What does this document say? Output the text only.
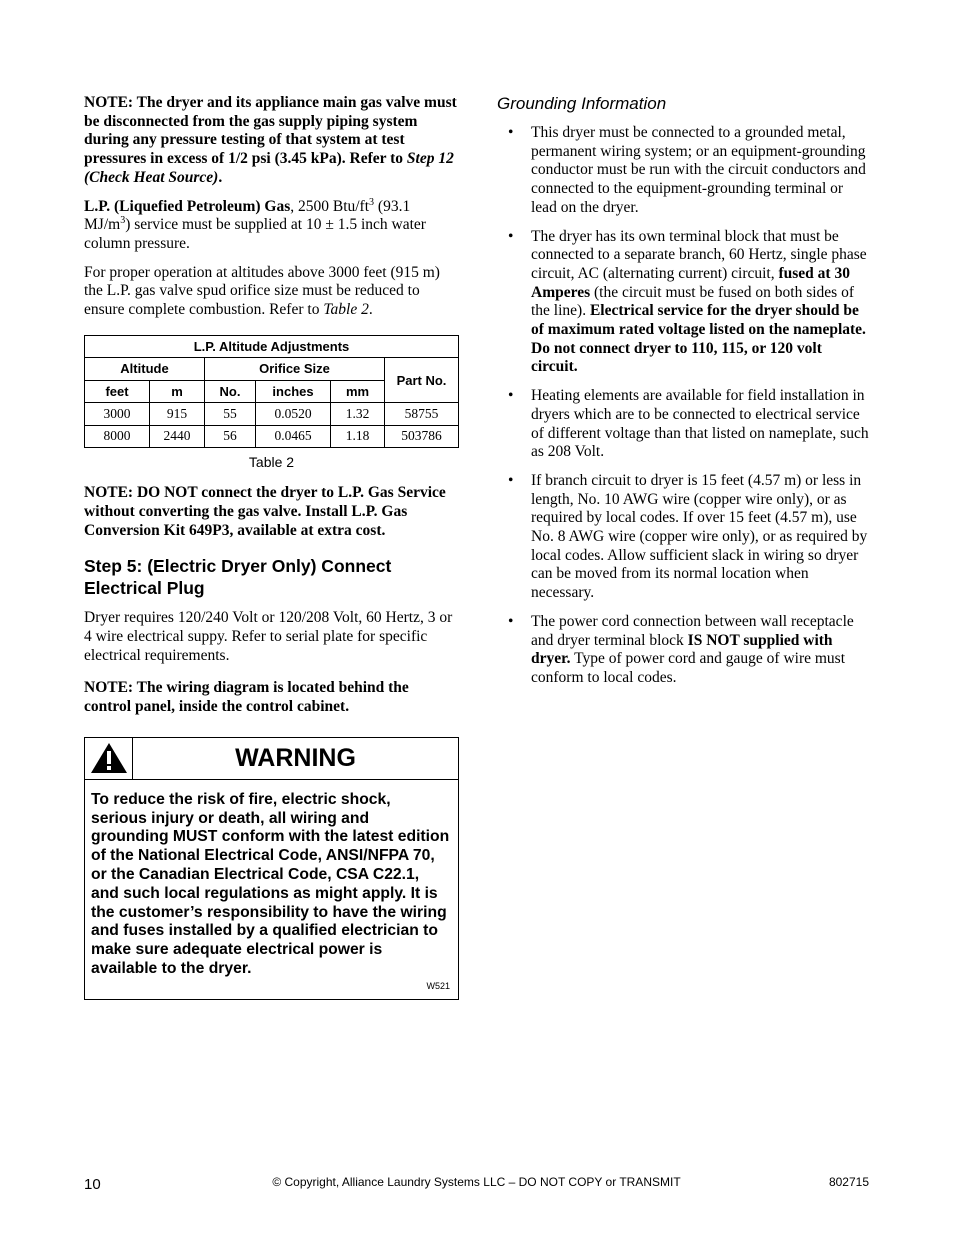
NOTE: The dryer and its appliance main gas valve must be disconnected from the gas supply piping system during any pressure testing of that system at test pressures in excess of 1/2 psi (3.45 kPa). Refer to Step 12 (Check Heat Source).

L.P. (Liquefied Petroleum) Gas, 2500 Btu/$ft^3$ (93.1 $MJ/m^3$) service must be supplied at 10 ± 1.5 inch water column pressure.

For proper operation at altitudes above 3000 feet (915 m) the L.P. gas valve spud orifice size must be reduced to ensure complete combustion. Refer to Table 2.

L.P. Altitude Adjustments					
Altitude		Orifice Size			Part No.
feet	m	No.	inches	mm	
3000	915	55	0.0520	1.32	58755
8000	2440	56	0.0465	1.18	503786
Table 2

NOTE: DO NOT connect the dryer to L.P. Gas Service without converting the gas valve. Install L.P. Gas Conversion Kit 649P3, available at extra cost.

Step 5: (Electric Dryer Only) Connect Electrical Plug

Dryer requires 120/240 Volt or 120/208 Volt, 60 Hertz, 3 or 4 wire electrical suppy. Refer to serial plate for specific electrical requirements.

NOTE: The wiring diagram is located behind the control panel, inside the control cabinet.

WARNING
To reduce the risk of fire, electric shock, serious injury or death, all wiring and grounding MUST conform with the latest edition of the National Electrical Code, ANSI/NFPA 70, or the Canadian Electrical Code, CSA C22.1, and such local regulations as might apply. It is the customer’s responsibility to have the wiring and fuses installed by a qualified electrician to make sure adequate electrical power is available to the dryer.
W521
Grounding Information
• This dryer must be connected to a grounded metal, permanent wiring system; or an equipment-grounding conductor must be run with the circuit conductors and connected to the equipment-grounding terminal or lead on the dryer.
• The dryer has its own terminal block that must be connected to a separate branch, 60 Hertz, single phase circuit, AC (alternating current) circuit, fused at 30 Amperes (the circuit must be fused on both sides of the line). Electrical service for the dryer should be of maximum rated voltage listed on the nameplate. Do not connect dryer to 110, 115, or 120 volt circuit.
• Heating elements are available for field installation in dryers which are to be connected to electrical service of different voltage than that listed on nameplate, such as 208 Volt.
• If branch circuit to dryer is 15 feet (4.57 m) or less in length, No. 10 AWG wire (copper wire only), or as required by local codes. If over 15 feet (4.57 m), use No. 8 AWG wire (copper wire only), or as required by local codes. Allow sufficient slack in wiring so dryer can be moved from its normal location when necessary.
• The power cord connection between wall receptacle and dryer terminal block IS NOT supplied with dryer. Type of power cord and gauge of wire must conform to local codes.
10	© Copyright, Alliance Laundry Systems LLC – DO NOT COPY or TRANSMIT	802715
